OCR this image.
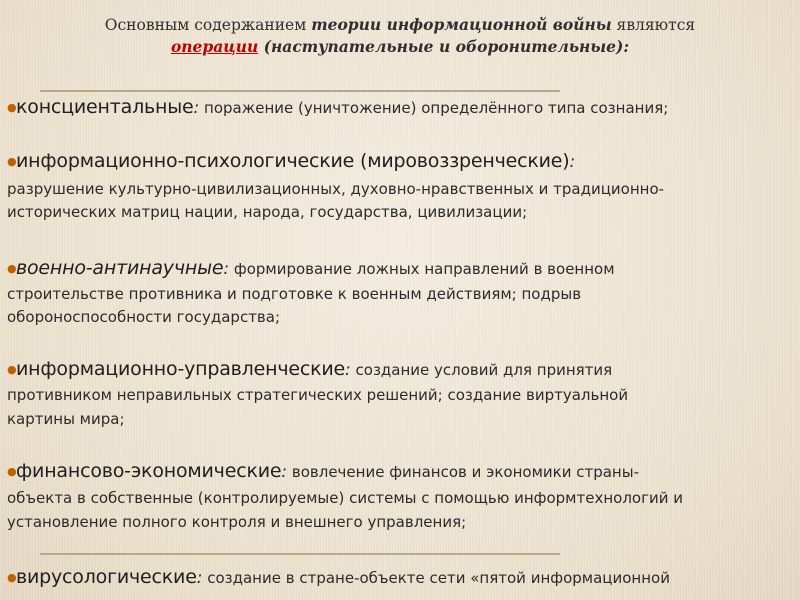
Основным содержанием теории информационной войны являются
операции (наступательные и оборонительные):
●консциентальные: поражение (уничтожение) определённого типа сознания;
●информационно-психологические (мировоззренческие):
разрушение культурно-цивилизационных, духовно-нравственных и традиционно-
исторических матриц нации, народа, государства, цивилизации;
●военно-антинаучные: формирование ложных направлений в военном
строительстве противника и подготовке к военным действиям; подрыв
обороноспособности государства;
●информационно-управленческие: создание условий для принятия
противником неправильных стратегических решений; создание виртуальной
картины мира;
●финансово-экономические: вовлечение финансов и экономики страны-
объекта в собственные (контролируемые) системы с помощью информтехнологий и
установление полного контроля и внешнего управления;
●вирусологические: создание в стране-объекте сети «пятой информационной
